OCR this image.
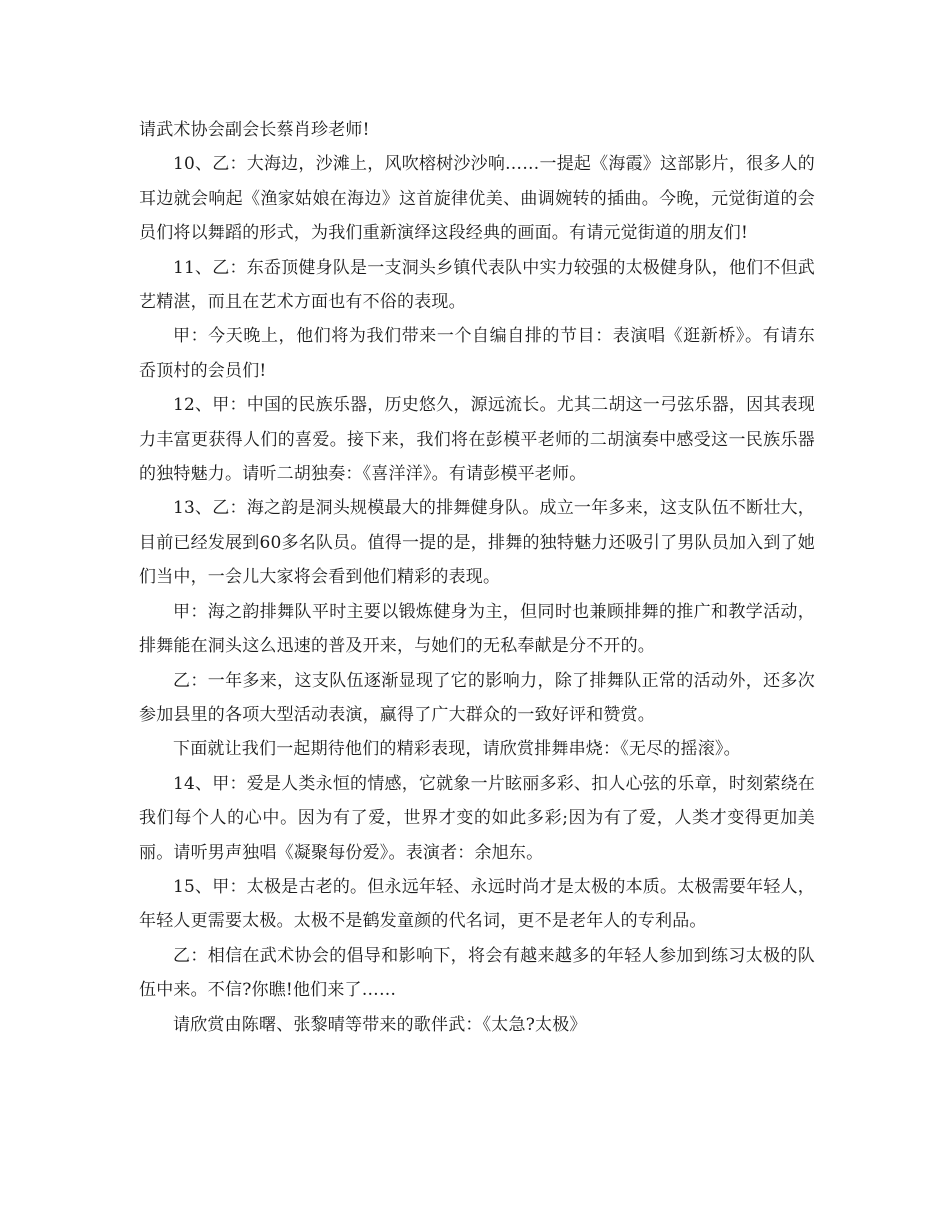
请武术协会副会长蔡肖珍老师!

10、乙：大海边，沙滩上，风吹榕树沙沙响……一提起《海霞》这部影片，很多人的耳边就会响起《渔家姑娘在海边》这首旋律优美、曲调婉转的插曲。今晚，元觉街道的会员们将以舞蹈的形式，为我们重新演绎这段经典的画面。有请元觉街道的朋友们!

11、乙：东岙顶健身队是一支洞头乡镇代表队中实力较强的太极健身队，他们不但武艺精湛，而且在艺术方面也有不俗的表现。

甲：今天晚上，他们将为我们带来一个自编自排的节目：表演唱《逛新桥》。有请东岙顶村的会员们!

12、甲：中国的民族乐器，历史悠久，源远流长。尤其二胡这一弓弦乐器，因其表现力丰富更获得人们的喜爱。接下来，我们将在彭模平老师的二胡演奏中感受这一民族乐器的独特魅力。请听二胡独奏：《喜洋洋》。有请彭模平老师。

13、乙：海之韵是洞头规模最大的排舞健身队。成立一年多来，这支队伍不断壮大，目前已经发展到60多名队员。值得一提的是，排舞的独特魅力还吸引了男队员加入到了她们当中，一会儿大家将会看到他们精彩的表现。

甲：海之韵排舞队平时主要以锻炼健身为主，但同时也兼顾排舞的推广和教学活动，排舞能在洞头这么迅速的普及开来，与她们的无私奉献是分不开的。

乙：一年多来，这支队伍逐渐显现了它的影响力，除了排舞队正常的活动外，还多次参加县里的各项大型活动表演，赢得了广大群众的一致好评和赞赏。

下面就让我们一起期待他们的精彩表现，请欣赏排舞串烧：《无尽的摇滚》。

14、甲：爱是人类永恒的情感，它就象一片眩丽多彩、扣人心弦的乐章，时刻萦绕在我们每个人的心中。因为有了爱，世界才变的如此多彩;因为有了爱，人类才变得更加美丽。请听男声独唱《凝聚每份爱》。表演者：余旭东。

15、甲：太极是古老的。但永远年轻、永远时尚才是太极的本质。太极需要年轻人，年轻人更需要太极。太极不是鹤发童颜的代名词，更不是老年人的专利品。

乙：相信在武术协会的倡导和影响下，将会有越来越多的年轻人参加到练习太极的队伍中来。不信?你瞧!他们来了……

请欣赏由陈曙、张黎晴等带来的歌伴武：《太急?太极》
